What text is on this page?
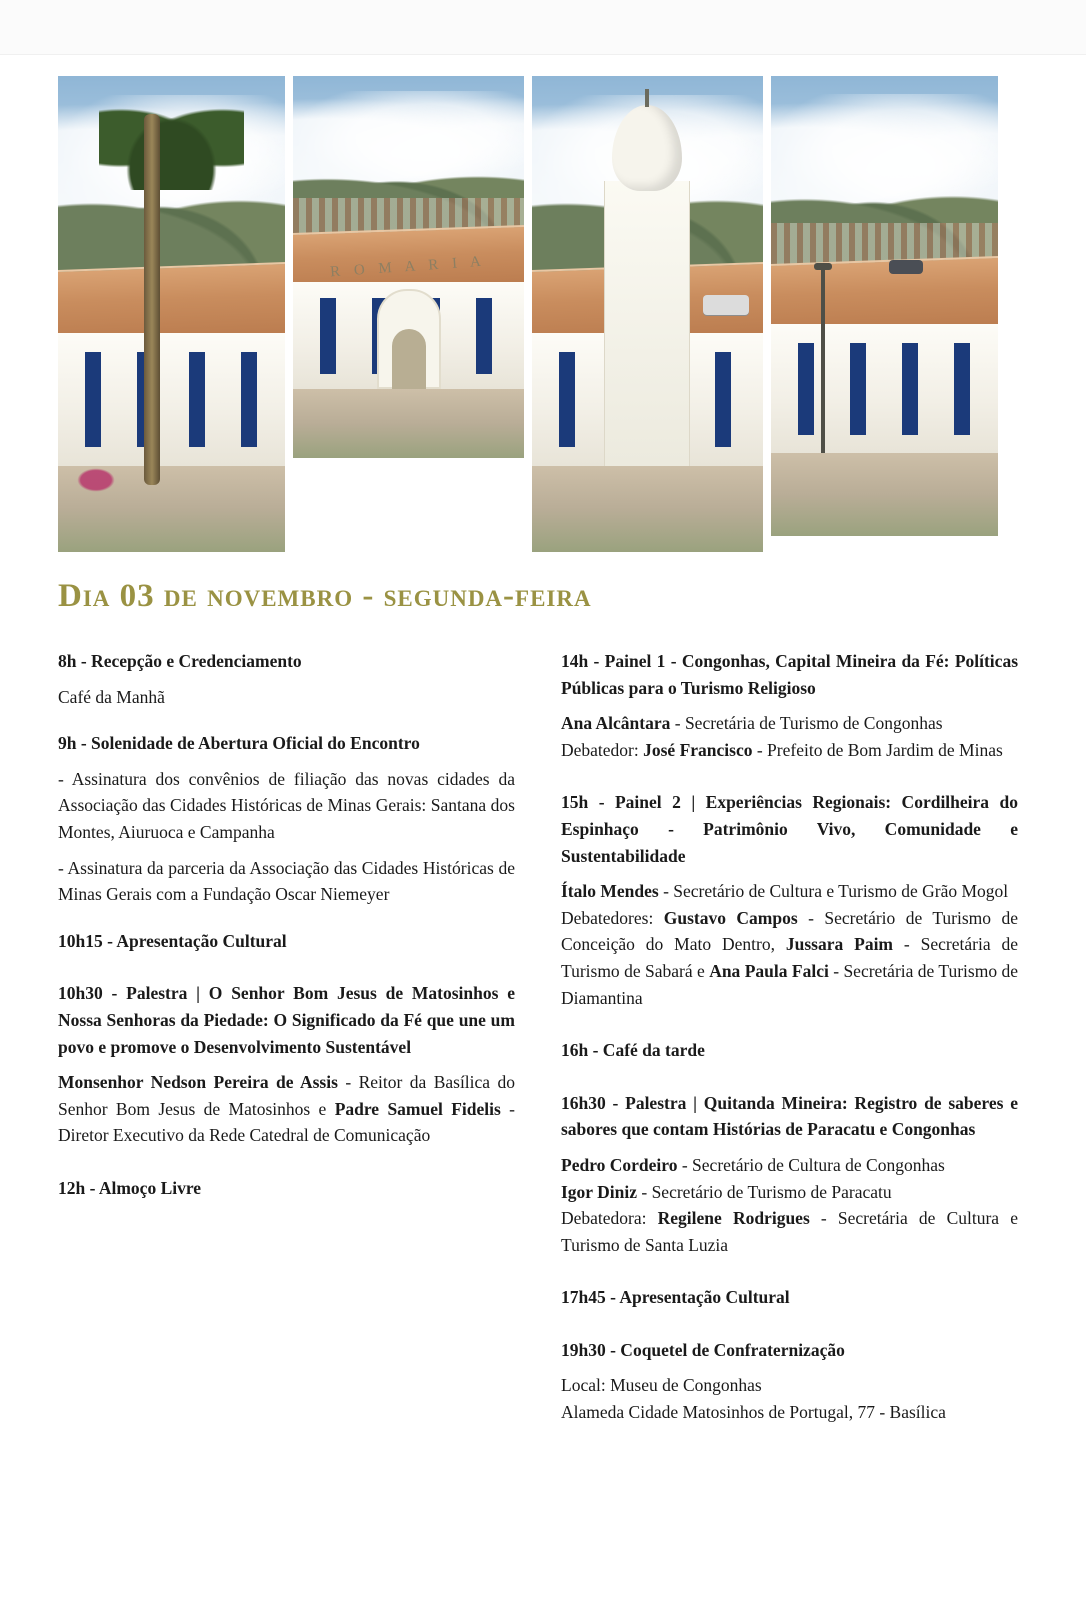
R O M A R I A
Dia 03 de novembro - segunda-feira

8h - Recepção e Credenciamento

Café da Manhã

9h - Solenidade de Abertura Oficial do Encontro

- Assinatura dos convênios de filiação das novas cidades da Associação das Cidades Históricas de Minas Gerais: Santana dos Montes, Aiuruoca e Campanha

- Assinatura da parceria da Associação das Cidades Históricas de Minas Gerais com a Fundação Oscar Niemeyer

10h15 - Apresentação Cultural

10h30 - Palestra | O Senhor Bom Jesus de Matosinhos e Nossa Senhoras da Piedade: O Significado da Fé que une um povo e promove o Desenvolvimento Sustentável

Monsenhor Nedson Pereira de Assis - Reitor da Basílica do Senhor Bom Jesus de Matosinhos e Padre Samuel Fidelis - Diretor Executivo da Rede Catedral de Comunicação

12h - Almoço Livre

14h - Painel 1 - Congonhas, Capital Mineira da Fé: Políticas Públicas para o Turismo Religioso

Ana Alcântara - Secretária de Turismo de Congonhas

Debatedor: José Francisco - Prefeito de Bom Jardim de Minas

15h - Painel 2 | Experiências Regionais: Cordilheira do Espinhaço - Patrimônio Vivo, Comunidade e Sustentabilidade

Ítalo Mendes - Secretário de Cultura e Turismo de Grão Mogol

Debatedores: Gustavo Campos - Secretário de Turismo de Conceição do Mato Dentro, Jussara Paim - Secretária de Turismo de Sabará e Ana Paula Falci - Secretária de Turismo de Diamantina

16h - Café da tarde

16h30 - Palestra | Quitanda Mineira: Registro de saberes e sabores que contam Histórias de Paracatu e Congonhas

Pedro Cordeiro - Secretário de Cultura de Congonhas

Igor Diniz - Secretário de Turismo de Paracatu

Debatedora: Regilene Rodrigues - Secretária de Cultura e Turismo de Santa Luzia

17h45 - Apresentação Cultural

19h30 - Coquetel de Confraternização

Local: Museu de Congonhas

Alameda Cidade Matosinhos de Portugal, 77 - Basílica
